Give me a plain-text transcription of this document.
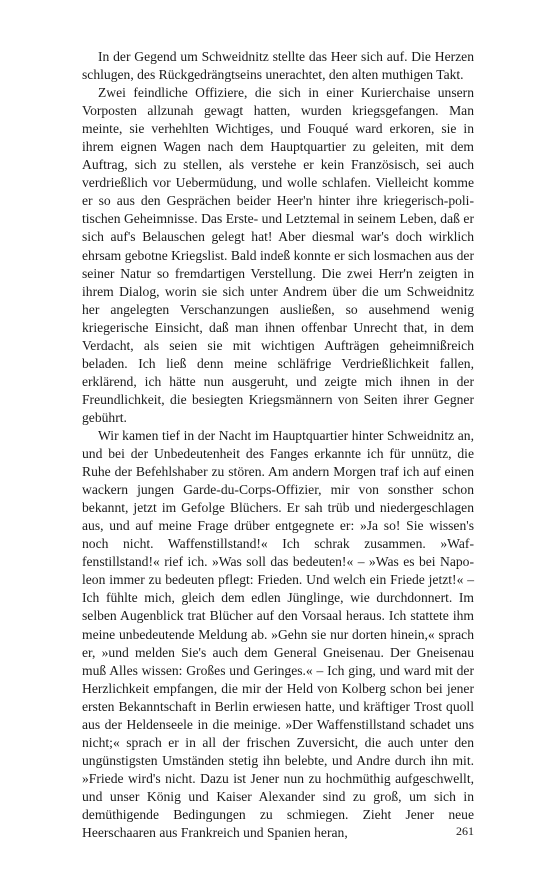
In der Gegend um Schweidnitz stellte das Heer sich auf. Die Herzen schlugen, des Rückgedrängtseins unerachtet, den alten muthigen Takt.

Zwei feindliche Offiziere, die sich in einer Kurierchaise unsern Vorposten allzunah gewagt hatten, wurden kriegsgefangen. Man meinte, sie verhehlten Wichtiges, und Fouqué ward erkoren, sie in ihrem eignen Wagen nach dem Hauptquartier zu geleiten, mit dem Auftrag, sich zu stellen, als verstehe er kein Französisch, sei auch verdrießlich vor Uebermüdung, und wolle schlafen. Vielleicht komme er so aus den Gesprächen beider Heer'n hinter ihre kriegerisch-politischen Geheimnisse. Das Erste- und Letztemal in seinem Leben, daß er sich auf's Belauschen gelegt hat! Aber diesmal war's doch wirklich ehrsam gebotne Kriegslist. Bald indeß konnte er sich losmachen aus der seiner Natur so fremdartigen Verstellung. Die zwei Herr'n zeigten in ihrem Dialog, worin sie sich unter Andrem über die um Schweidnitz her angelegten Verschanzungen ausließen, so ausehmend wenig kriegerische Einsicht, daß man ihnen offenbar Unrecht that, in dem Verdacht, als seien sie mit wichtigen Aufträgen geheimnißreich beladen. Ich ließ denn meine schläfrige Verdrießlichkeit fallen, erklärend, ich hätte nun ausgeruht, und zeigte mich ihnen in der Freundlichkeit, die besiegten Kriegsmännern von Seiten ihrer Gegner gebührt.

Wir kamen tief in der Nacht im Hauptquartier hinter Schweidnitz an, und bei der Unbedeutenheit des Fanges erkannte ich für unnütz, die Ruhe der Befehlshaber zu stören. Am andern Morgen traf ich auf einen wackern jungen Garde-du-Corps-Offizier, mir von sonsther schon bekannt, jetzt im Gefolge Blüchers. Er sah trüb und niedergeschlagen aus, und auf meine Frage drüber entgegnete er: »Ja so! Sie wissen's noch nicht. Waffenstillstand!« Ich schrak zusammen. »Waffenstillstand!« rief ich. »Was soll das bedeuten!« – »Was es bei Napoleon immer zu bedeuten pflegt: Frieden. Und welch ein Friede jetzt!« – Ich fühlte mich, gleich dem edlen Jünglinge, wie durchdonnert. Im selben Augenblick trat Blücher auf den Vorsaal heraus. Ich stattete ihm meine unbedeutende Meldung ab. »Gehn sie nur dorten hinein,« sprach er, »und melden Sie's auch dem General Gneisenau. Der Gneisenau muß Alles wissen: Großes und Geringes.« – Ich ging, und ward mit der Herzlichkeit empfangen, die mir der Held von Kolberg schon bei jener ersten Bekanntschaft in Berlin erwiesen hatte, und kräftiger Trost quoll aus der Heldenseele in die meinige. »Der Waffenstillstand schadet uns nicht;« sprach er in all der frischen Zuversicht, die auch unter den ungünstigsten Umständen stetig ihn belebte, und Andre durch ihn mit. »Friede wird's nicht. Dazu ist Jener nun zu hochmüthig aufgeschwellt, und unser König und Kaiser Alexander sind zu groß, um sich in demüthigende Bedingungen zu schmiegen. Zieht Jener neue Heerschaaren aus Frankreich und Spanien heran,	261
